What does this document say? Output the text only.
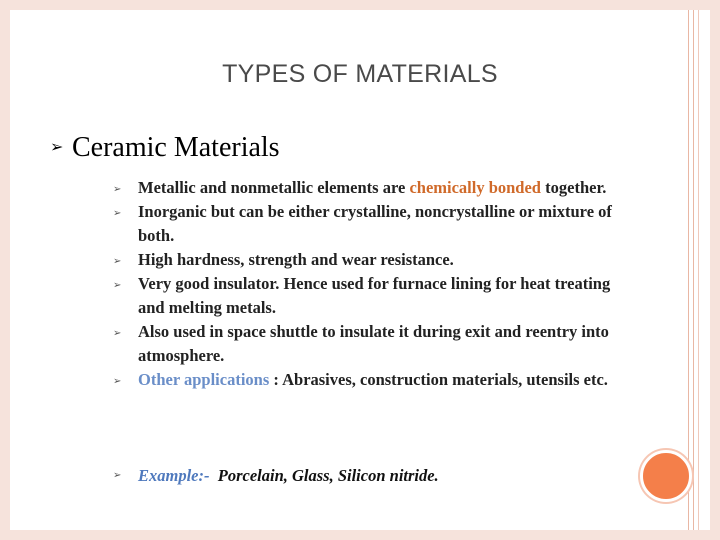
TYPES OF MATERIALS
➢ Ceramic Materials
➢ Metallic and nonmetallic elements are chemically bonded together.
➢ Inorganic but can be either crystalline, noncrystalline or mixture of both.
➢ High hardness, strength and wear resistance.
➢ Very good insulator. Hence used for furnace lining for heat treating and melting metals.
➢ Also used in space shuttle to insulate it during exit and reentry into atmosphere.
➢ Other applications : Abrasives, construction materials, utensils etc.
➢ Example:-  Porcelain, Glass, Silicon nitride.
